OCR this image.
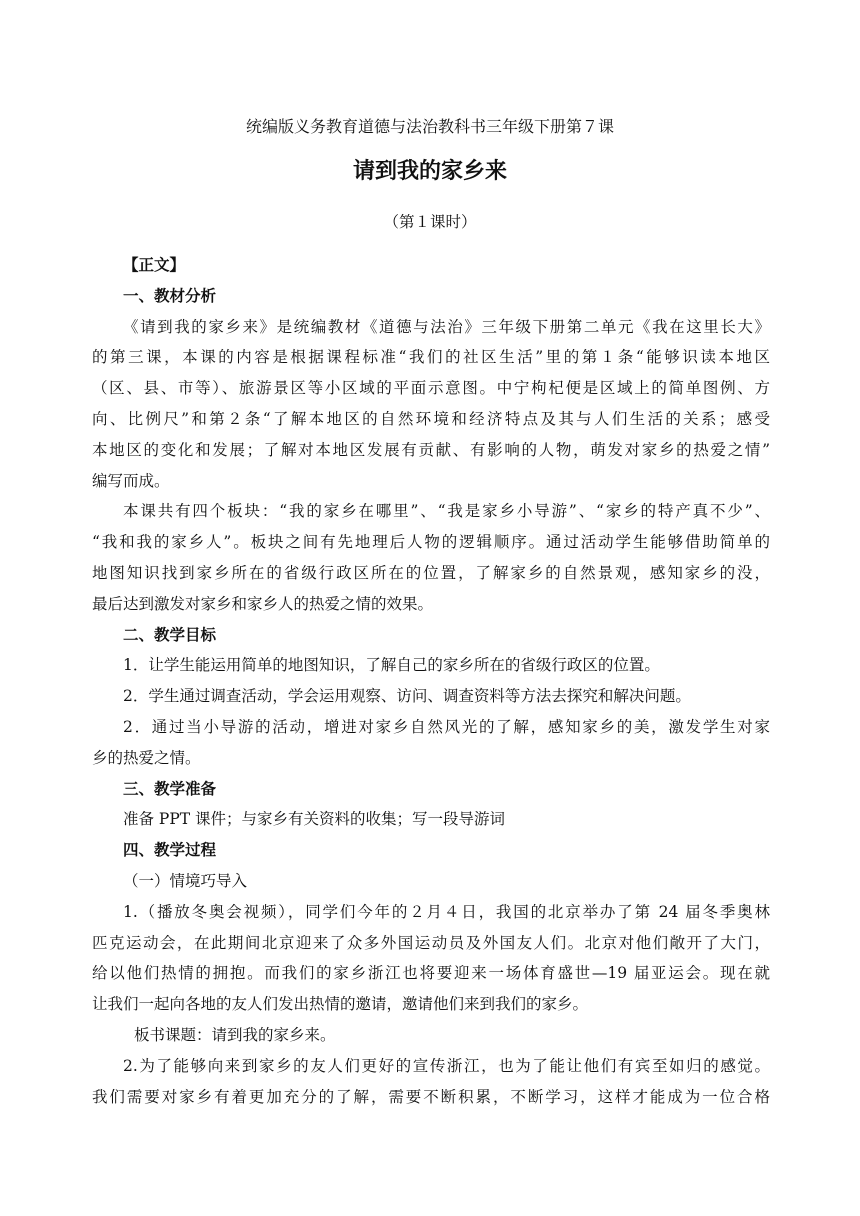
统编版义务教育道德与法治教科书三年级下册第７课
请到我的家乡来
（第１课时）
【正文】
一、教材分析
《请到我的家乡来》是统编教材《道德与法治》三年级下册第二单元《我在这里长大》
的第三课，本课的内容是根据课程标准“我们的社区生活”里的第１条“能够识读本地区
（区、县、市等）、旅游景区等小区域的平面示意图。中宁枸杞便是区域上的简单图例、方
向、比例尺”和第２条“了解本地区的自然环境和经济特点及其与人们生活的关系；感受
本地区的变化和发展；了解对本地区发展有贡献、有影响的人物，萌发对家乡的热爱之情”
编写而成。
本课共有四个板块：“我的家乡在哪里”、“我是家乡小导游”、“家乡的特产真不少”、
“我和我的家乡人”。板块之间有先地理后人物的逻辑顺序。通过活动学生能够借助简单的
地图知识找到家乡所在的省级行政区所在的位置，了解家乡的自然景观，感知家乡的没，
最后达到激发对家乡和家乡人的热爱之情的效果。
二、教学目标
1．让学生能运用简单的地图知识，了解自己的家乡所在的省级行政区的位置。
2．学生通过调查活动，学会运用观察、访问、调查资料等方法去探究和解决问题。
2．通过当小导游的活动，增进对家乡自然风光的了解，感知家乡的美，激发学生对家
乡的热爱之情。
三、教学准备
准备 PPT 课件；与家乡有关资料的收集；写一段导游词
四、教学过程
（一）情境巧导入
1.（播放冬奥会视频），同学们今年的２月４日，我国的北京举办了第 24 届冬季奥林
匹克运动会，在此期间北京迎来了众多外国运动员及外国友人们。北京对他们敞开了大门，
给以他们热情的拥抱。而我们的家乡浙江也将要迎来一场体育盛世—19 届亚运会。现在就
让我们一起向各地的友人们发出热情的邀请，邀请他们来到我们的家乡。
板书课题：请到我的家乡来。
2.为了能够向来到家乡的友人们更好的宣传浙江，也为了能让他们有宾至如归的感觉。
我们需要对家乡有着更加充分的了解，需要不断积累，不断学习，这样才能成为一位合格
